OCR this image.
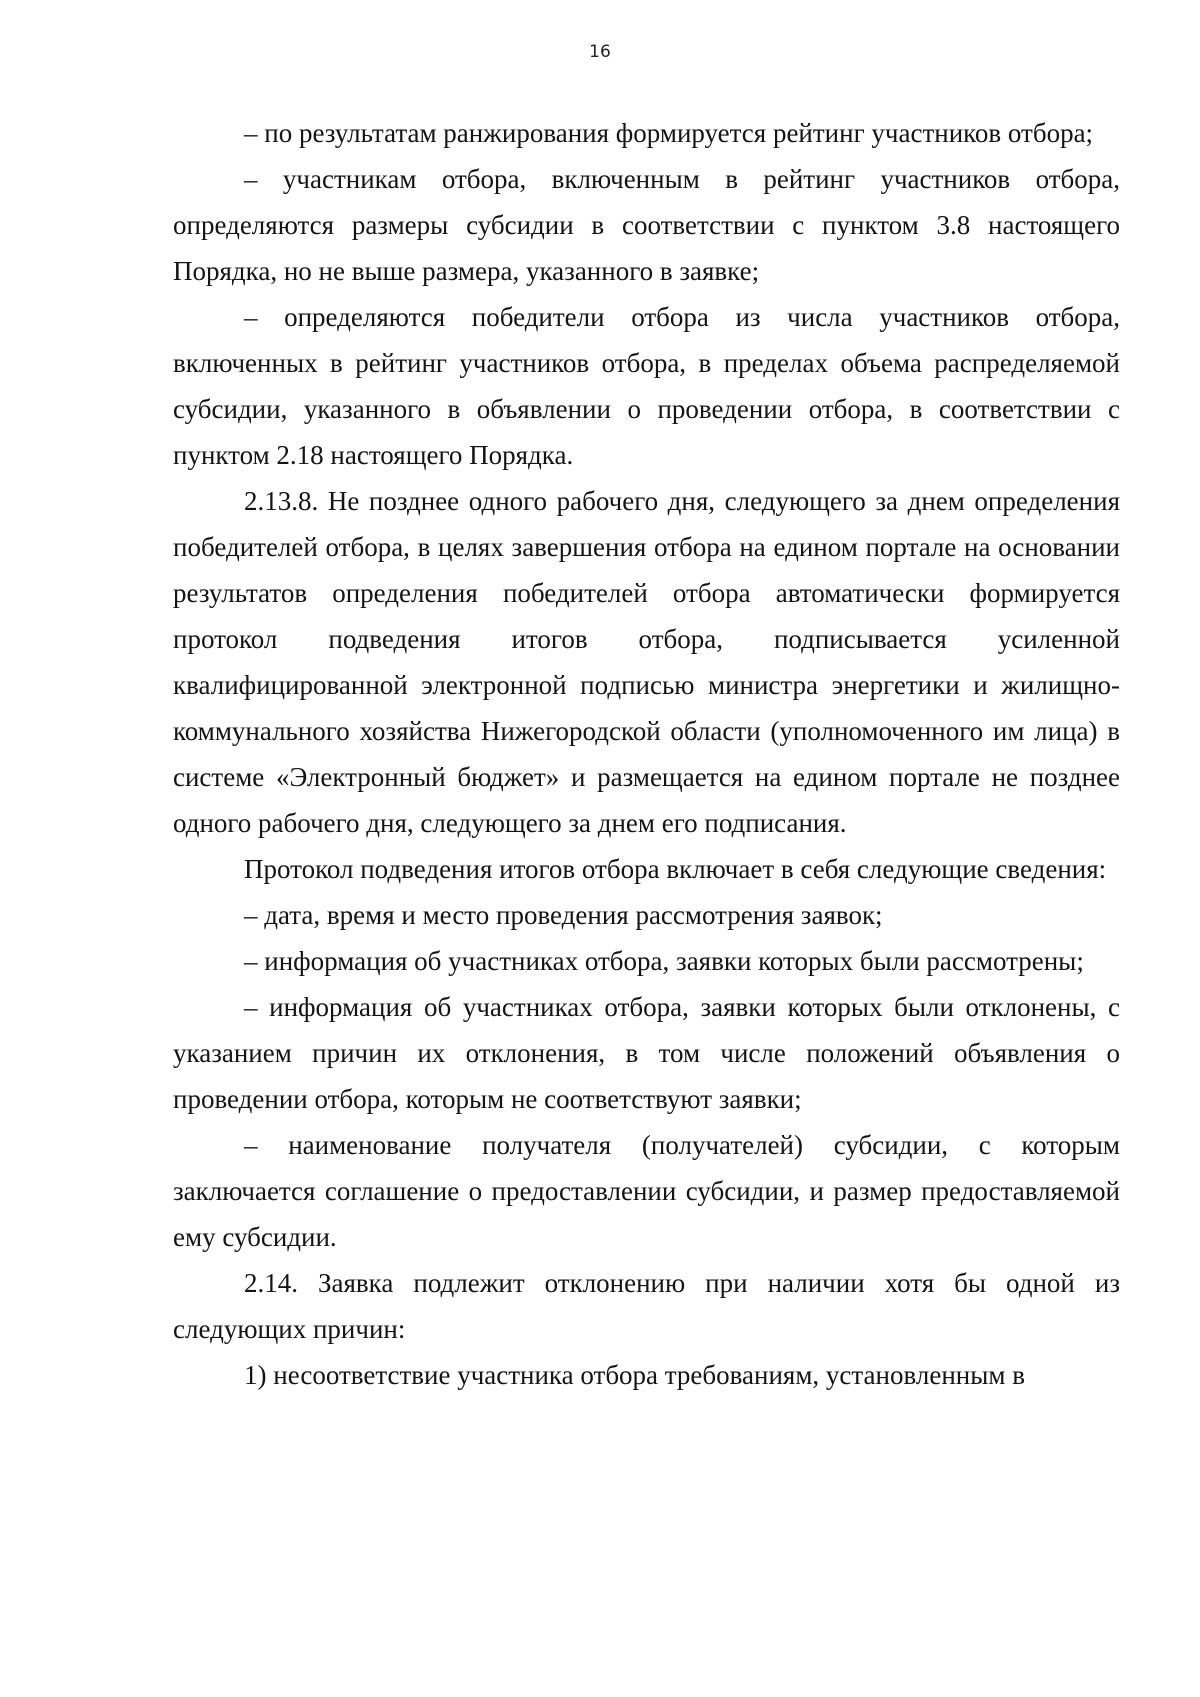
16

– по результатам ранжирования формируется рейтинг участников отбора;

– участникам отбора, включенным в рейтинг участников отбора, определяются размеры субсидии в соответствии с пунктом 3.8 настоящего Порядка, но не выше размера, указанного в заявке;

– определяются победители отбора из числа участников отбора, включенных в рейтинг участников отбора, в пределах объема распределяемой субсидии, указанного в объявлении о проведении отбора, в соответствии с пунктом 2.18 настоящего Порядка.

2.13.8. Не позднее одного рабочего дня, следующего за днем определения победителей отбора, в целях завершения отбора на едином портале на основании результатов определения победителей отбора автоматически формируется протокол подведения итогов отбора, подписывается усиленной квалифицированной электронной подписью министра энергетики и жилищно-коммунального хозяйства Нижегородской области (уполномоченного им лица) в системе «Электронный бюджет» и размещается на едином портале не позднее одного рабочего дня, следующего за днем его подписания.

Протокол подведения итогов отбора включает в себя следующие сведения:

– дата, время и место проведения рассмотрения заявок;

– информация об участниках отбора, заявки которых были рассмотрены;

– информация об участниках отбора, заявки которых были отклонены, с указанием причин их отклонения, в том числе положений объявления о проведении отбора, которым не соответствуют заявки;

– наименование получателя (получателей) субсидии, с которым заключается соглашение о предоставлении субсидии, и размер предоставляемой ему субсидии.

2.14. Заявка подлежит отклонению при наличии хотя бы одной из следующих причин:

1) несоответствие участника отбора требованиям, установленным в
